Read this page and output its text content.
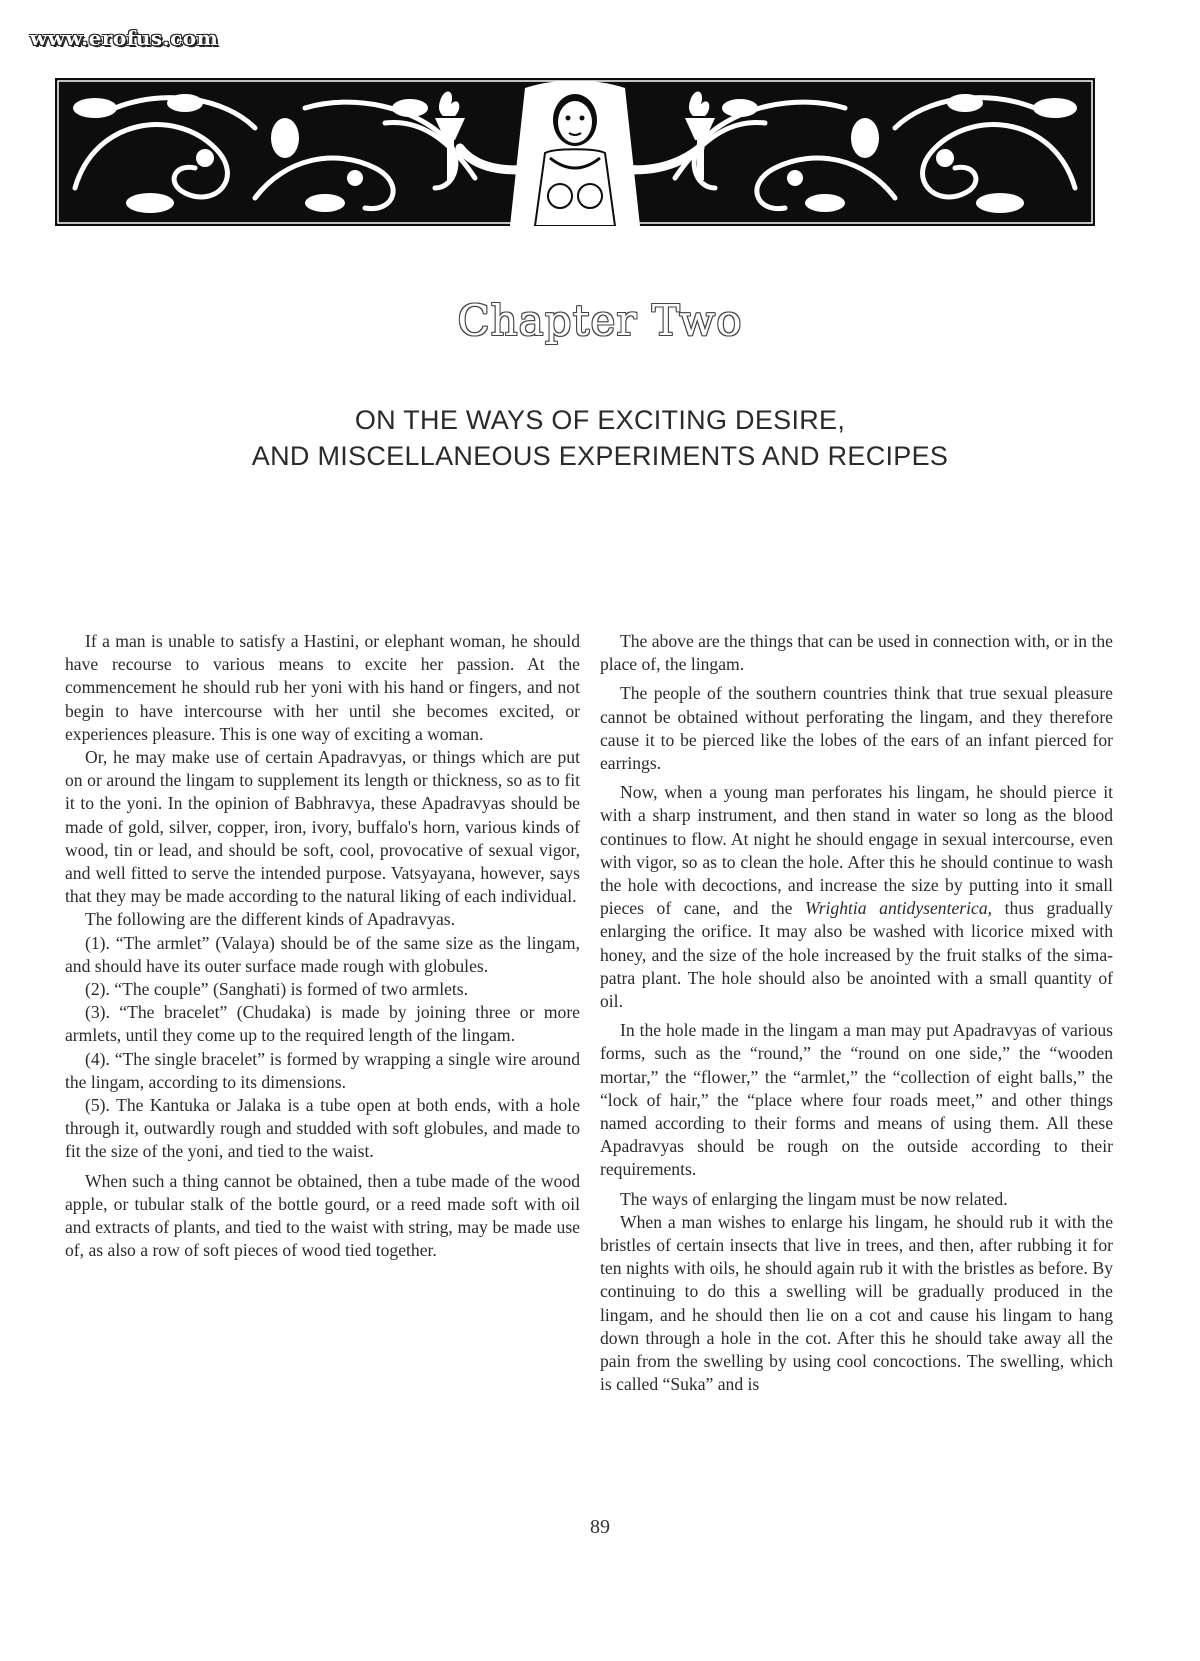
www.erofus.com
Chapter Two
ON THE WAYS OF EXCITING DESIRE,
AND MISCELLANEOUS EXPERIMENTS AND RECIPES

If a man is unable to satisfy a Hastini, or elephant woman, he should have recourse to various means to excite her passion. At the commencement he should rub her yoni with his hand or fingers, and not begin to have intercourse with her until she becomes excited, or experiences pleasure. This is one way of exciting a woman.

Or, he may make use of certain Apadravyas, or things which are put on or around the lingam to supplement its length or thickness, so as to fit it to the yoni. In the opinion of Babhravya, these Apadravyas should be made of gold, silver, copper, iron, ivory, buffalo's horn, various kinds of wood, tin or lead, and should be soft, cool, provocative of sexual vigor, and well fitted to serve the intended purpose. Vatsyayana, however, says that they may be made according to the natural liking of each individual.

The following are the different kinds of Apadravyas.

(1). “The armlet” (Valaya) should be of the same size as the lingam, and should have its outer surface made rough with globules.

(2). “The couple” (Sanghati) is formed of two armlets.

(3). “The bracelet” (Chudaka) is made by joining three or more armlets, until they come up to the required length of the lingam.

(4). “The single bracelet” is formed by wrapping a single wire around the lingam, according to its dimensions.

(5). The Kantuka or Jalaka is a tube open at both ends, with a hole through it, outwardly rough and studded with soft globules, and made to fit the size of the yoni, and tied to the waist.

When such a thing cannot be obtained, then a tube made of the wood apple, or tubular stalk of the bottle gourd, or a reed made soft with oil and extracts of plants, and tied to the waist with string, may be made use of, as also a row of soft pieces of wood tied together.

The above are the things that can be used in connection with, or in the place of, the lingam.

The people of the southern countries think that true sexual pleasure cannot be obtained without perforating the lingam, and they therefore cause it to be pierced like the lobes of the ears of an infant pierced for earrings.

Now, when a young man perforates his lingam, he should pierce it with a sharp instrument, and then stand in water so long as the blood continues to flow. At night he should engage in sexual intercourse, even with vigor, so as to clean the hole. After this he should continue to wash the hole with decoctions, and increase the size by putting into it small pieces of cane, and the Wrightia antidysenterica, thus gradually enlarging the orifice. It may also be washed with licorice mixed with honey, and the size of the hole increased by the fruit stalks of the sima-patra plant. The hole should also be anointed with a small quantity of oil.

In the hole made in the lingam a man may put Apadravyas of various forms, such as the “round,” the “round on one side,” the “wooden mortar,” the “flower,” the “armlet,” the “collection of eight balls,” the “lock of hair,” the “place where four roads meet,” and other things named according to their forms and means of using them. All these Apadravyas should be rough on the outside according to their requirements.

The ways of enlarging the lingam must be now related.

When a man wishes to enlarge his lingam, he should rub it with the bristles of certain insects that live in trees, and then, after rubbing it for ten nights with oils, he should again rub it with the bristles as before. By continuing to do this a swelling will be gradually produced in the lingam, and he should then lie on a cot and cause his lingam to hang down through a hole in the cot. After this he should take away all the pain from the swelling by using cool concoctions. The swelling, which is called “Suka” and is

89
